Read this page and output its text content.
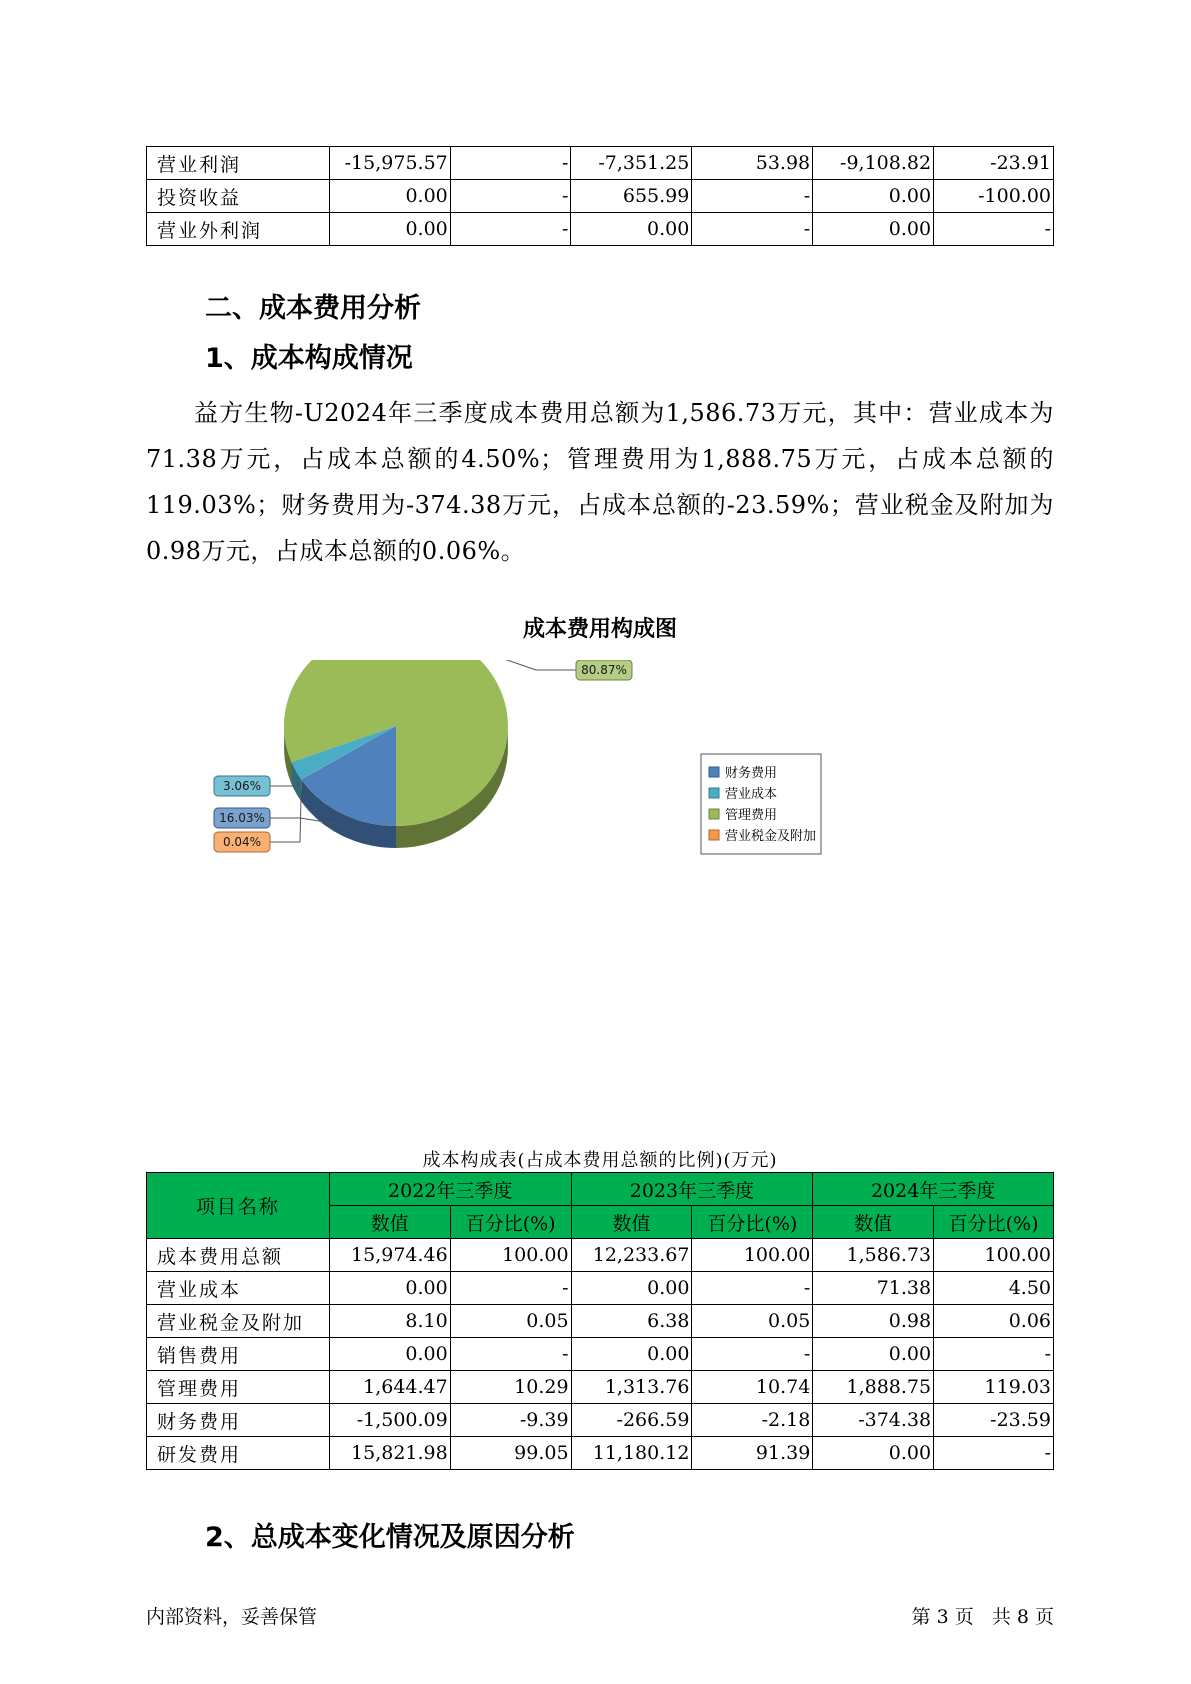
营业利润	-15,975.57	-	-7,351.25	53.98	-9,108.82	-23.91
投资收益	0.00	-	655.99	-	0.00	-100.00
营业外利润	0.00	-	0.00	-	0.00	-
二、成本费用分析
1、成本构成情况
益方生物-U2024年三季度成本费用总额为1,586.73万元，其中：营业成本为71.38万元，占成本总额的4.50%；管理费用为1,888.75万元，占成本总额的119.03%；财务费用为-374.38万元，占成本总额的-23.59%；营业税金及附加为0.98万元，占成本总额的0.06%。
成本费用构成图
16.03%
0.04%
3.06%
80.87%
财务费用
营业成本
管理费用
营业税金及附加
成本构成表(占成本费用总额的比例)(万元)
项目名称	2022年三季度		2023年三季度		2024年三季度	
	数值	百分比(%)	数值	百分比(%)	数值	百分比(%)
成本费用总额	15,974.46	100.00	12,233.67	100.00	1,586.73	100.00
营业成本	0.00	-	0.00	-	71.38	4.50
营业税金及附加	8.10	0.05	6.38	0.05	0.98	0.06
销售费用	0.00	-	0.00	-	0.00	-
管理费用	1,644.47	10.29	1,313.76	10.74	1,888.75	119.03
财务费用	-1,500.09	-9.39	-266.59	-2.18	-374.38	-23.59
研发费用	15,821.98	99.05	11,180.12	91.39	0.00	-
2、总成本变化情况及原因分析
内部资料，妥善保管	第 3 页   共 8 页
